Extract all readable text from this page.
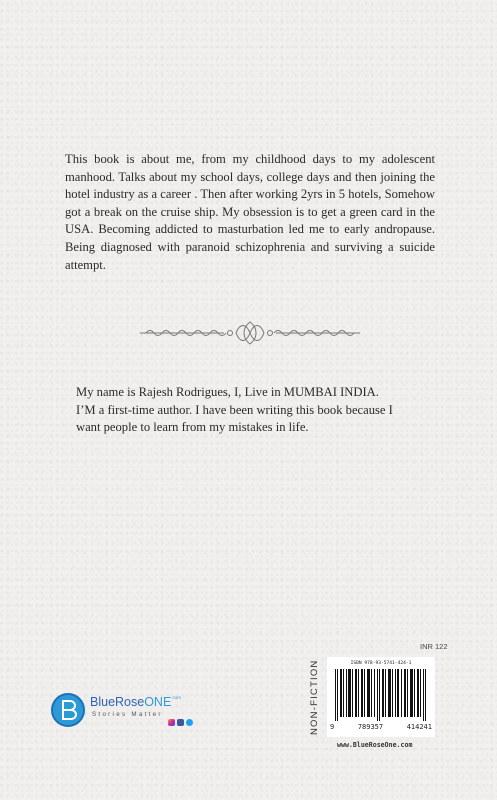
This book is about me, from my childhood days to my adolescent manhood. Talks about my school days, college days and then joining the hotel industry as a career . Then after working 2yrs in 5 hotels, Somehow got a break on the cruise ship. My obsession is to get a green card in the USA. Becoming addicted to masturbation led me to early andropause. Being diagnosed with paranoid schizophrenia and surviving a suicide attempt.

My name is Rajesh Rodrigues, I, Live in MUMBAI INDIA.
I’M a first-time author. I have been writing this book because I want people to learn from my mistakes in life.
INR 122
NON-FICTION	ISBN 978-93-5741-424-1
9	789357	414241
www.BlueRoseOne.com
BlueRoseONE$^{.com}$
Stories Matter
